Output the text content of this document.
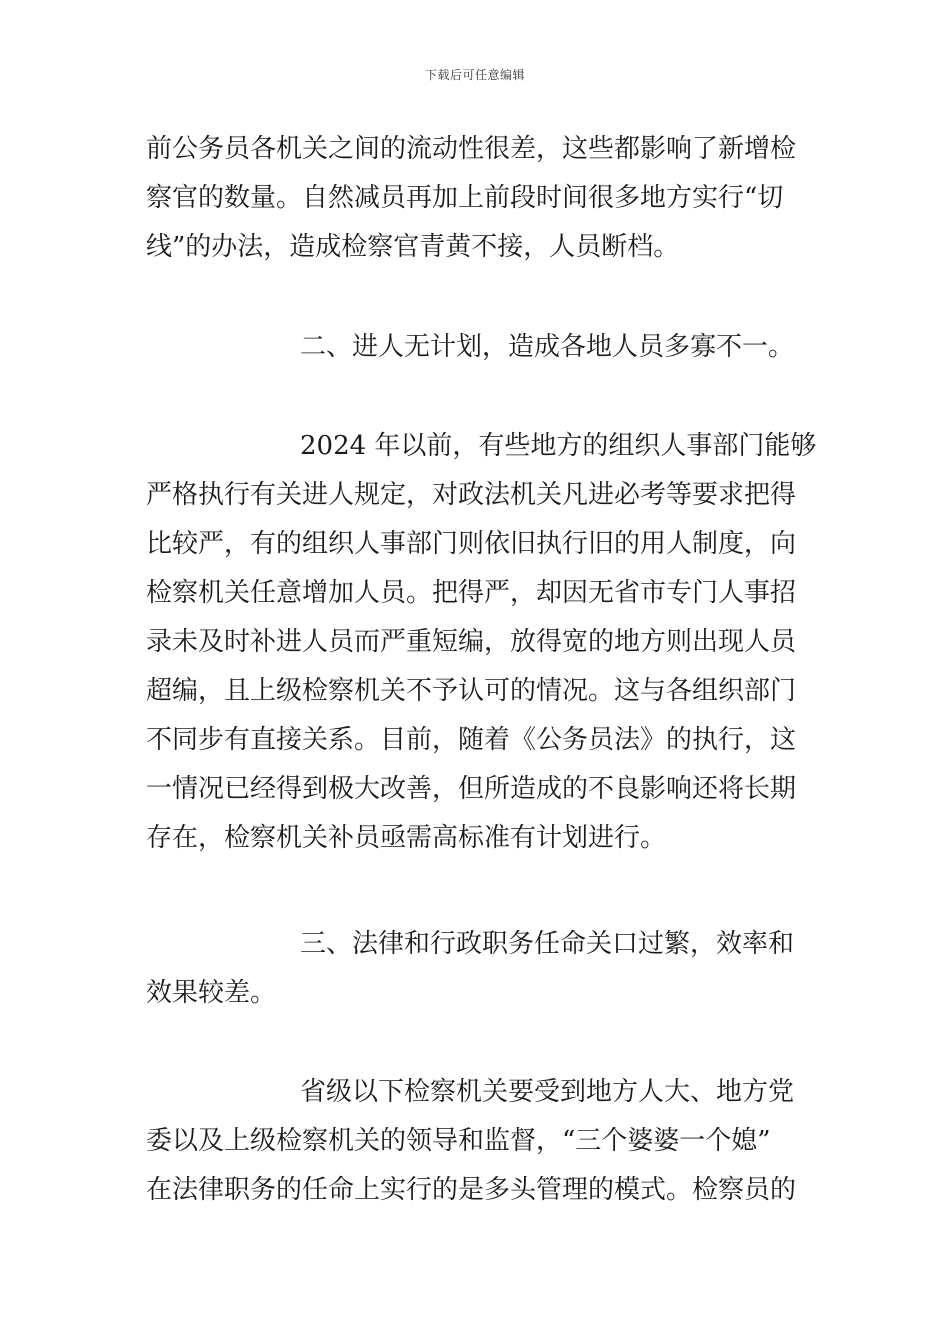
下载后可任意编辑
前公务员各机关之间的流动性很差，这些都影响了新增检
察官的数量。自然减员再加上前段时间很多地方实行“切
线”的办法，造成检察官青黄不接，人员断档。
二、进人无计划，造成各地人员多寡不一。
2024 年以前，有些地方的组织人事部门能够
严格执行有关进人规定，对政法机关凡进必考等要求把得
比较严，有的组织人事部门则依旧执行旧的用人制度，向
检察机关任意增加人员。把得严，却因无省市专门人事招
录未及时补进人员而严重短编，放得宽的地方则出现人员
超编，且上级检察机关不予认可的情况。这与各组织部门
不同步有直接关系。目前，随着《公务员法》的执行，这
一情况已经得到极大改善，但所造成的不良影响还将长期
存在，检察机关补员亟需高标准有计划进行。
三、法律和行政职务任命关口过繁，效率和
效果较差。
省级以下检察机关要受到地方人大、地方党
委以及上级检察机关的领导和监督，“三个婆婆一个媳”
在法律职务的任命上实行的是多头管理的模式。检察员的
